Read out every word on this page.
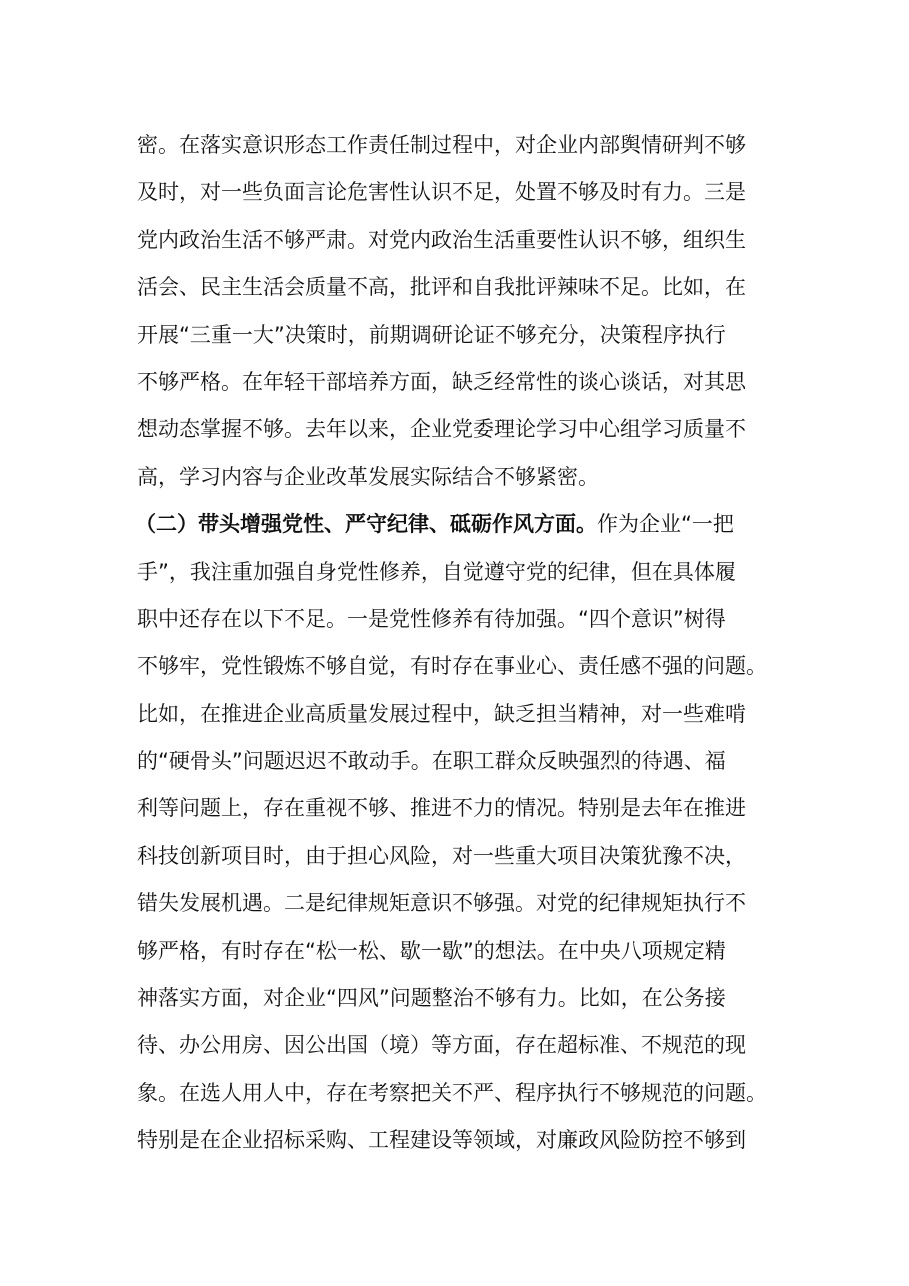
密。在落实意识形态工作责任制过程中，对企业内部舆情研判不够
及时，对一些负面言论危害性认识不足，处置不够及时有力。三是
党内政治生活不够严肃。对党内政治生活重要性认识不够，组织生
活会、民主生活会质量不高，批评和自我批评辣味不足。比如，在
开展“三重一大”决策时，前期调研论证不够充分，决策程序执行
不够严格。在年轻干部培养方面，缺乏经常性的谈心谈话，对其思
想动态掌握不够。去年以来，企业党委理论学习中心组学习质量不
高，学习内容与企业改革发展实际结合不够紧密。
（二）带头增强党性、严守纪律、砥砺作风方面。作为企业“一把
手”，我注重加强自身党性修养，自觉遵守党的纪律，但在具体履
职中还存在以下不足。一是党性修养有待加强。“四个意识”树得
不够牢，党性锻炼不够自觉，有时存在事业心、责任感不强的问题。
比如，在推进企业高质量发展过程中，缺乏担当精神，对一些难啃
的“硬骨头”问题迟迟不敢动手。在职工群众反映强烈的待遇、福
利等问题上，存在重视不够、推进不力的情况。特别是去年在推进
科技创新项目时，由于担心风险，对一些重大项目决策犹豫不决，
错失发展机遇。二是纪律规矩意识不够强。对党的纪律规矩执行不
够严格，有时存在“松一松、歇一歇”的想法。在中央八项规定精
神落实方面，对企业“四风”问题整治不够有力。比如，在公务接
待、办公用房、因公出国（境）等方面，存在超标准、不规范的现
象。在选人用人中，存在考察把关不严、程序执行不够规范的问题。
特别是在企业招标采购、工程建设等领域，对廉政风险防控不够到
